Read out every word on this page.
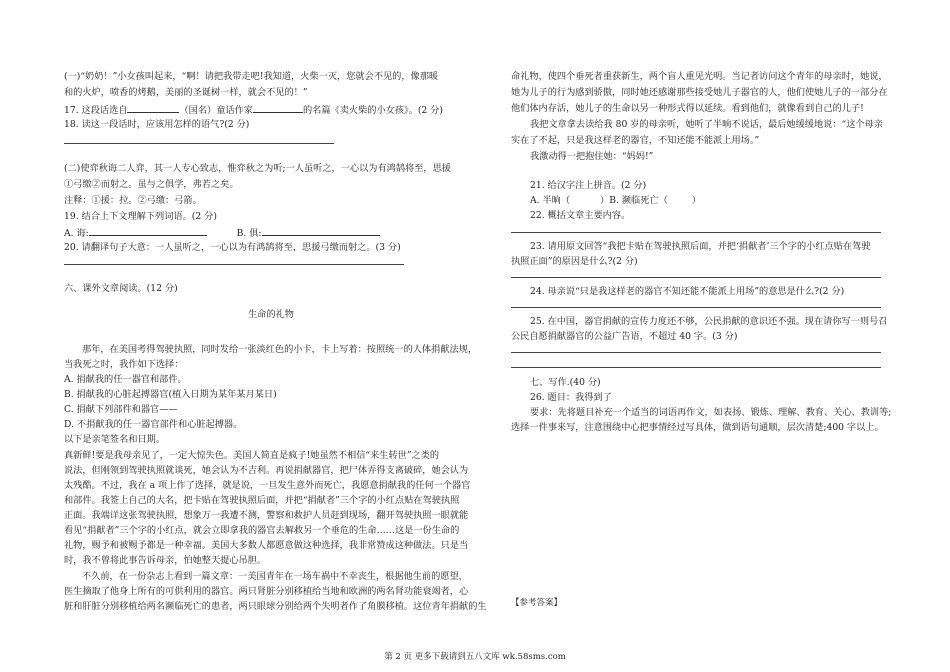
(一)“奶奶！”小女孩叫起来，“啊！请把我带走吧!我知道，火柴一灭，您就会不见的，像那暖
和的火炉，喷香的烤鹅，美丽的圣诞树一样，就会不见的！”
17. 这段话选自	（国名）童话作家	的名篇《卖火柴的小女孩》。(2 分)
18. 读这一段话时，应该用怎样的语气?(2 分)
(二)使弈秋诲二人弈，其一人专心致志，惟弈秋之为听;一人虽听之，一心以为有鸿鹄将至，思援
①弓缴②而射之。虽与之俱学，弗若之矣。
注释：①援：拉。②弓缴：弓箭。
19. 结合上下文理解下列词语。(2 分)
A. 诲:	B. 俱:
20. 请翻译句子大意：一人虽听之，一心以为有鸿鹄将至，思援弓缴而射之。(3 分)
六、课外文章阅读。(12 分)
生命的礼物
那年，在美国考得驾驶执照，同时发给一张淡红色的小卡，卡上写着：按照统一的人体捐献法规，
当我死之时，我作如下选择：
A. 捐献我的任一器官和部件。
B. 捐献我的心脏起搏器官(植入日期为某年某月某日)
C. 捐献下列部件和器官——
D. 不捐献我的任一器官部件和心脏起搏器。
以下是亲笔签名和日期。
真新鲜!要是我母亲见了，一定大惊失色。美国人简直是疯子!她虽然不相信“来生转世”之类的
说法，但刚领到驾驶执照就谈死，她会认为不吉利。再说捐献器官，把尸体弄得支离破碎，她会认为
太残酷。不过，我在 a 项上作了选择，就是说，一旦发生意外而死亡，我愿意捐献我的任何一个器官
和部件。我签上自己的大名，把卡贴在驾驶执照后面，并把“捐献者”三个字的小红点贴在驾驶执照
正面。我端详这张驾驶执照，想象万一我遭不测，警察和救护人员赶到现场，翻开驾驶执照一眼就能
看见“捐献者”三个字的小红点，就会立即拿我的器官去解救另一个垂危的生命……这是一份生命的
礼物，赐予和被赐予都是一种幸福。美国大多数人都愿意做这种选择，我非常赞成这种做法。只是当
时，我不曾将此事告诉母亲，怕她整天提心吊胆。
不久前，在一份杂志上看到一篇文章：一美国青年在一场车祸中不幸丧生，根据他生前的愿望，
医生摘取了他身上所有的可供利用的器官。两只肾脏分别移植给当地和欧洲的两名肾功能衰竭者，心
脏和肝脏分别移植给两名濒临死亡的患者，两只眼球分别给两个失明者作了角膜移植。这位青年捐献的生
命礼物，使四个垂死者重获新生，两个盲人重见光明。当记者访问这个青年的母亲时，她说，
她为儿子的行为感到骄傲，同时她还感谢那些接受她儿子器官的人，他们使她儿子的一部分在
他们体内存活，她儿子的生命以另一种形式得以延续。看到他们，就像看到自己的儿子!
我把文章拿去读给我 80 岁的母亲听，她听了半晌不说话，最后她缓缓地说：“这个母亲
实在了不起，只是我这样老的器官，不知还能不能派上用场。”
我激动得一把抱住她：“妈妈!”
21. 给汉字注上拼音。(2 分)
A. 半晌（	）B. 濒临死亡（	）
22. 概括文章主要内容。
23. 请用原文回答“我把卡贴在驾驶执照后面，并把‘捐献者’三个字的小红点贴在驾驶
执照正面”的原因是什么?(2 分)
24. 母亲说“只是我这样老的器官不知还能不能派上用场”的意思是什么?(2 分)
25. 在中国，器官捐献的宣传力度还不够，公民捐献的意识还不强。现在请你写一则号召
公民自愿捐献器官的公益广告语，不超过 40 字。(3 分)
七、写作.(40 分)
26. 题目：我得到了
要求：先将题目补充一个适当的词语再作文，如表扬、锻炼、理解、教育、关心、教训等;
选择一件事来写，注意围绕中心把事情经过写具体，做到语句通顺，层次清楚;400 字以上。
【参考答案】
第 2 页 更多下载请到五八文库 wk.58sms.com
